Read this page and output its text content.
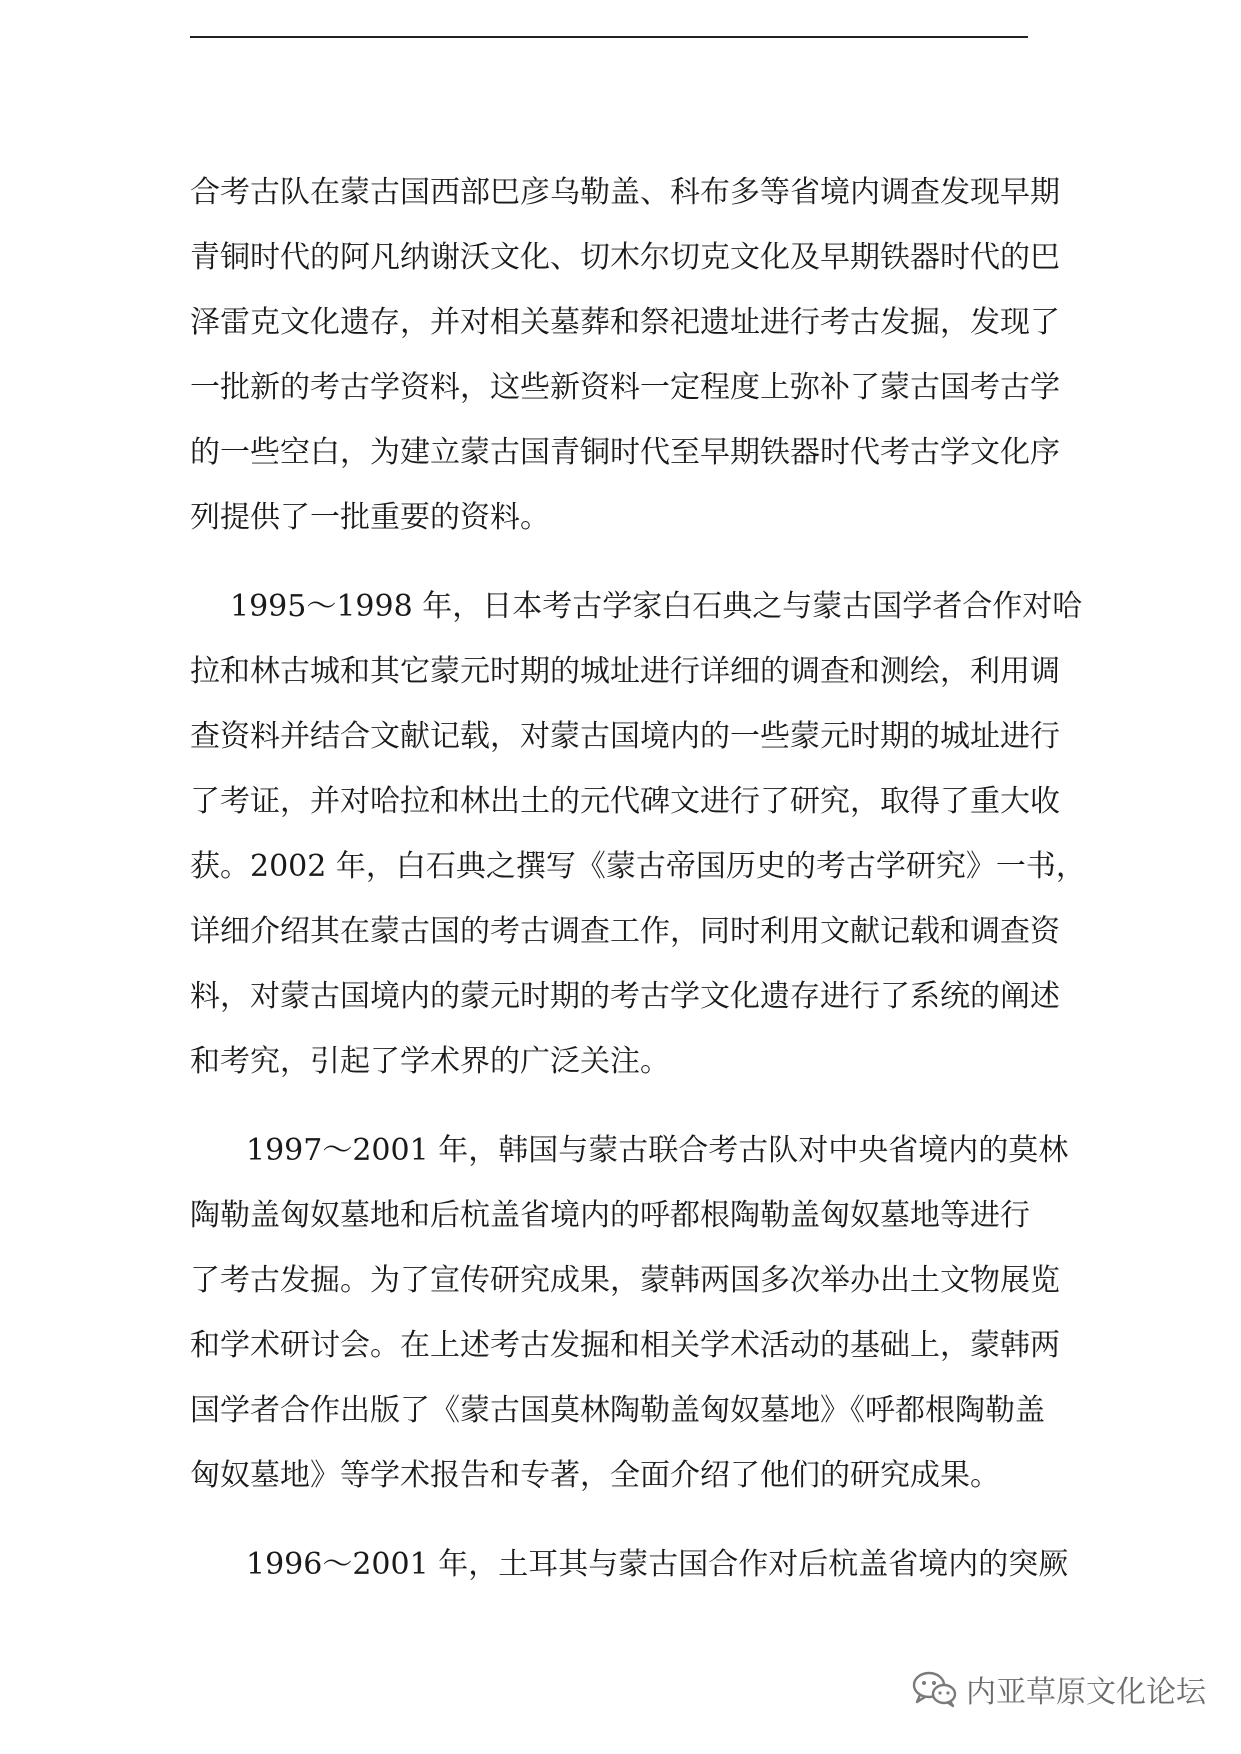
合考古队在蒙古国西部巴彦乌勒盖、科布多等省境内调查发现早期
青铜时代的阿凡纳谢沃文化、切木尔切克文化及早期铁器时代的巴
泽雷克文化遗存，并对相关墓葬和祭祀遗址进行考古发掘，发现了
一批新的考古学资料，这些新资料一定程度上弥补了蒙古国考古学
的一些空白，为建立蒙古国青铜时代至早期铁器时代考古学文化序
列提供了一批重要的资料。
1995～1998 年，日本考古学家白石典之与蒙古国学者合作对哈
拉和林古城和其它蒙元时期的城址进行详细的调查和测绘，利用调
查资料并结合文献记载，对蒙古国境内的一些蒙元时期的城址进行
了考证，并对哈拉和林出土的元代碑文进行了研究，取得了重大收
获。2002 年，白石典之撰写《蒙古帝国历史的考古学研究》一书，
详细介绍其在蒙古国的考古调查工作，同时利用文献记载和调查资
料，对蒙古国境内的蒙元时期的考古学文化遗存进行了系统的阐述
和考究，引起了学术界的广泛关注。
1997～2001 年，韩国与蒙古联合考古队对中央省境内的莫林
陶勒盖匈奴墓地和后杭盖省境内的呼都根陶勒盖匈奴墓地等进行
了考古发掘。为了宣传研究成果，蒙韩两国多次举办出土文物展览
和学术研讨会。在上述考古发掘和相关学术活动的基础上，蒙韩两
国学者合作出版了《蒙古国莫林陶勒盖匈奴墓地》《呼都根陶勒盖
匈奴墓地》等学术报告和专著，全面介绍了他们的研究成果。
1996～2001 年，土耳其与蒙古国合作对后杭盖省境内的突厥
内亚草原文化论坛
